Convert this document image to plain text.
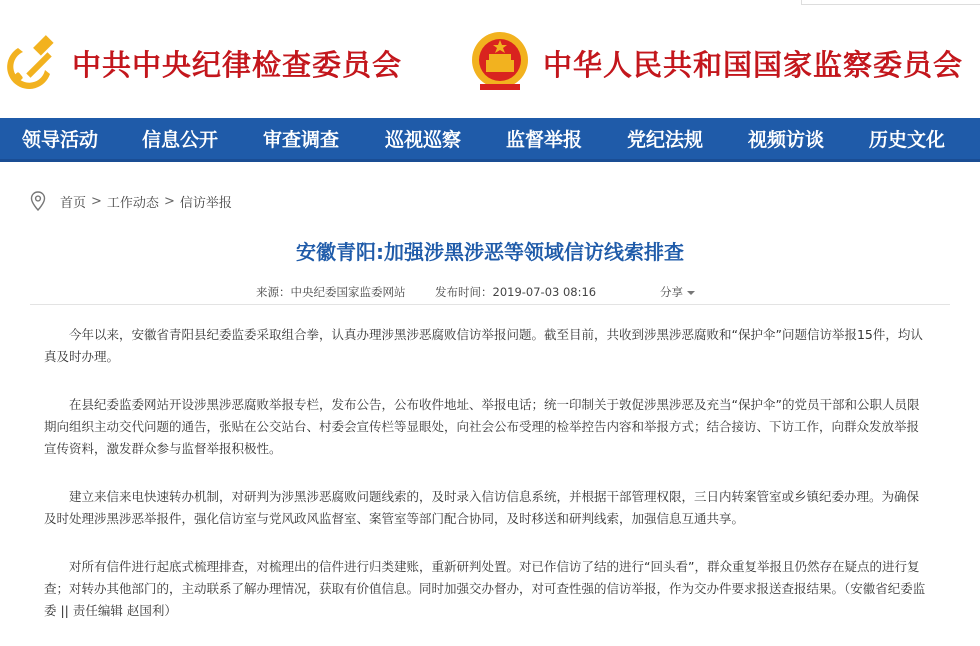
中共中央纪律检查委员会	中华人民共和国国家监察委员会
领导活动 信息公开 审查调查 巡视巡察 监督举报 党纪法规 视频访谈 历史文化
首页 > 工作动态 > 信访举报
安徽青阳:加强涉黑涉恶等领域信访线索排查
来源：中央纪委国家监委网站	发布时间：2019-07-03 08:16	分享

今年以来，安徽省青阳县纪委监委采取组合拳，认真办理涉黑涉恶腐败信访举报问题。截至目前，共收到涉黑涉恶腐败和“保护伞”问题信访举报15件，均认真及时办理。

在县纪委监委网站开设涉黑涉恶腐败举报专栏，发布公告，公布收件地址、举报电话；统一印制关于敦促涉黑涉恶及充当“保护伞”的党员干部和公职人员限期向组织主动交代问题的通告，张贴在公交站台、村委会宣传栏等显眼处，向社会公布受理的检举控告内容和举报方式；结合接访、下访工作，向群众发放举报宣传资料，激发群众参与监督举报积极性。

建立来信来电快速转办机制，对研判为涉黑涉恶腐败问题线索的，及时录入信访信息系统，并根据干部管理权限，三日内转案管室或乡镇纪委办理。为确保及时处理涉黑涉恶举报件，强化信访室与党风政风监督室、案管室等部门配合协同，及时移送和研判线索，加强信息互通共享。

对所有信件进行起底式梳理排查，对梳理出的信件进行归类建账，重新研判处置。对已作信访了结的进行“回头看”，群众重复举报且仍然存在疑点的进行复查；对转办其他部门的，主动联系了解办理情况，获取有价值信息。同时加强交办督办，对可查性强的信访举报，作为交办件要求报送查报结果。（安徽省纪委监委 || 责任编辑 赵国利）
